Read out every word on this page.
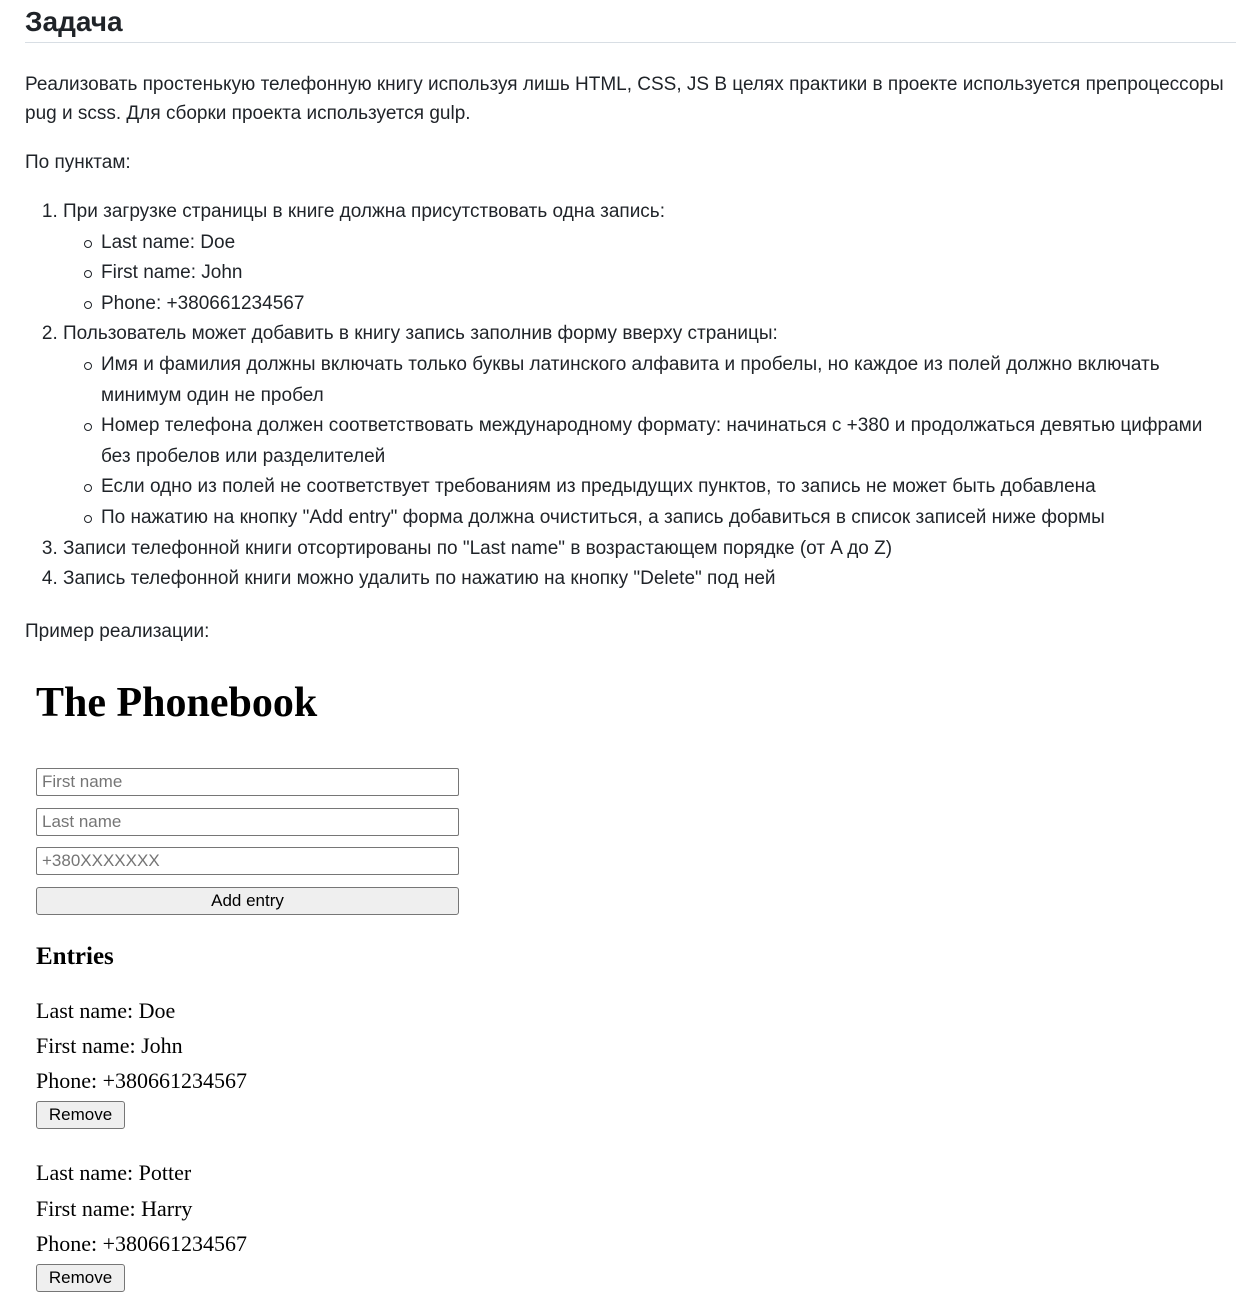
Задача

Реализовать простенькую телефонную книгу используя лишь HTML, CSS, JS В целях практики в проекте используется препроцессоры pug и scss. Для сборки проекта используется gulp.

По пунктам:

1. При загрузке страницы в книге должна присутствовать одна запись:
Last name: Doe
First name: John
Phone: +380661234567
2. Пользователь может добавить в книгу запись заполнив форму вверху страницы:
Имя и фамилия должны включать только буквы латинского алфавита и пробелы, но каждое из полей должно включать минимум один не пробел
Номер телефона должен соответствовать международному формату: начинаться с +380 и продолжаться девятью цифрами без пробелов или разделителей
Если одно из полей не соответствует требованиям из предыдущих пунктов, то запись не может быть добавлена
По нажатию на кнопку "Add entry" форма должна очиститься, а запись добавиться в список записей ниже формы
3. Записи телефонной книги отсортированы по "Last name" в возрастающем порядке (от A до Z)
4. Запись телефонной книги можно удалить по нажатию на кнопку "Delete" под ней

Пример реализации:

The Phonebook
First name
Last name
+380XXXXXXX
Add entry
Entries
Last name: Doe
First name: John
Phone: +380661234567
Remove
Last name: Potter
First name: Harry
Phone: +380661234567
Remove
